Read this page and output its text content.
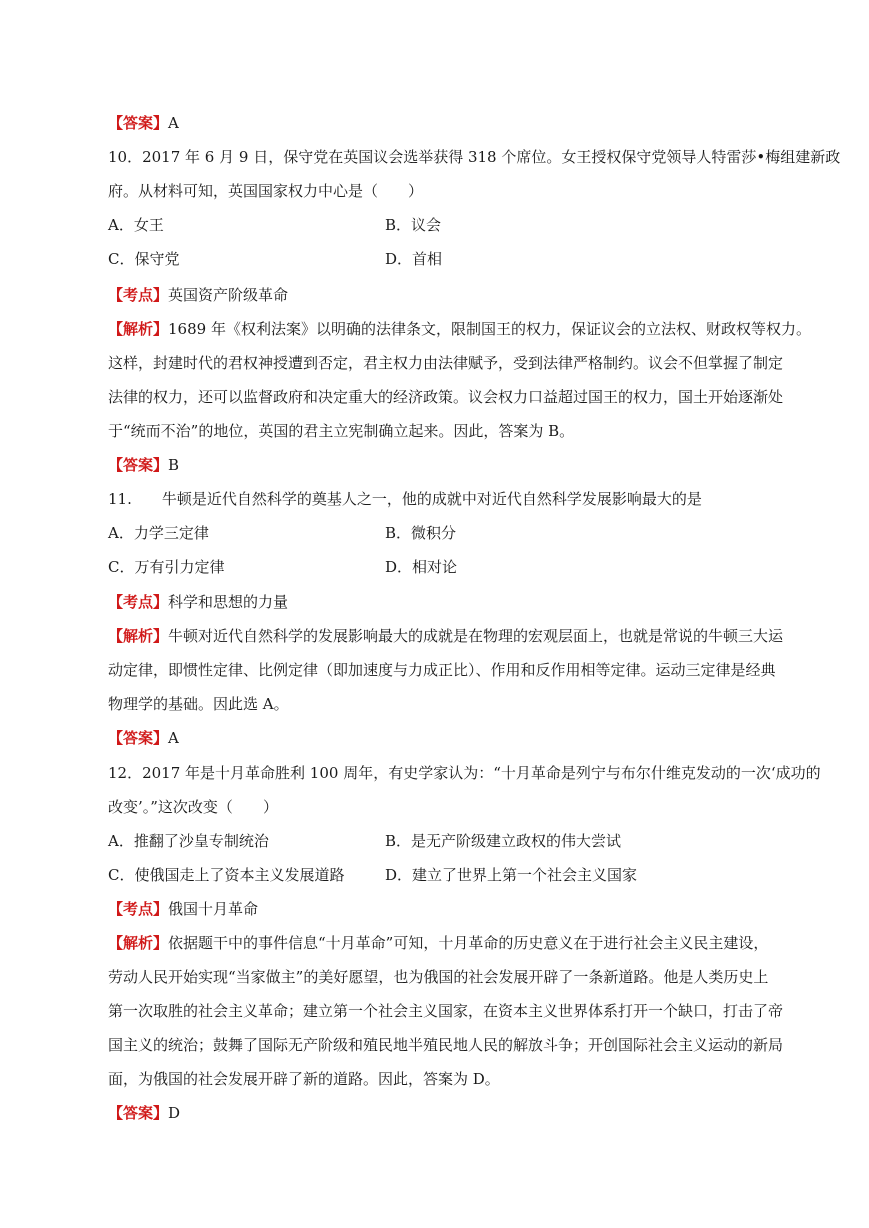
【答案】A
10．2017 年 6 月 9 日，保守党在英国议会选举获得 318 个席位。女王授权保守党领导人特雷莎•梅组建新政
府。从材料可知，英国国家权力中心是（　　）
A．女王	B．议会
C．保守党	D．首相
【考点】英国资产阶级革命
【解析】1689 年《权利法案》以明确的法律条文，限制国王的权力，保证议会的立法权、财政权等权力。
这样，封建时代的君权神授遭到否定，君主权力由法律赋予，受到法律严格制约。议会不但掌握了制定
法律的权力，还可以监督政府和决定重大的经济政策。议会权力口益超过国王的权力，国土开始逐渐处
于“统而不治”的地位，英国的君主立宪制确立起来。因此，答案为 B。
【答案】B
11.　　牛顿是近代自然科学的奠基人之一，他的成就中对近代自然科学发展影响最大的是
A．力学三定律	B．微积分
C．万有引力定律	D．相对论
【考点】科学和思想的力量
【解析】牛顿对近代自然科学的发展影响最大的成就是在物理的宏观层面上，也就是常说的牛顿三大运
动定律，即惯性定律、比例定律（即加速度与力成正比）、作用和反作用相等定律。运动三定律是经典
物理学的基础。因此选 A。
【答案】A
12．2017 年是十月革命胜利 100 周年，有史学家认为：“十月革命是列宁与布尔什维克发动的一次‘成功的
改变’。”这次改变（　　）
A．推翻了沙皇专制统治	B．是无产阶级建立政权的伟大尝试
C．使俄国走上了资本主义发展道路	D．建立了世界上第一个社会主义国家
【考点】俄国十月革命
【解析】依据题干中的事件信息“十月革命”可知，十月革命的历史意义在于进行社会主义民主建设，
劳动人民开始实现“当家做主”的美好愿望，也为俄国的社会发展开辟了一条新道路。他是人类历史上
第一次取胜的社会主义革命；建立第一个社会主义国家，在资本主义世界体系打开一个缺口，打击了帝
国主义的统治；鼓舞了国际无产阶级和殖民地半殖民地人民的解放斗争；开创国际社会主义运动的新局
面，为俄国的社会发展开辟了新的道路。因此，答案为 D。
【答案】D
